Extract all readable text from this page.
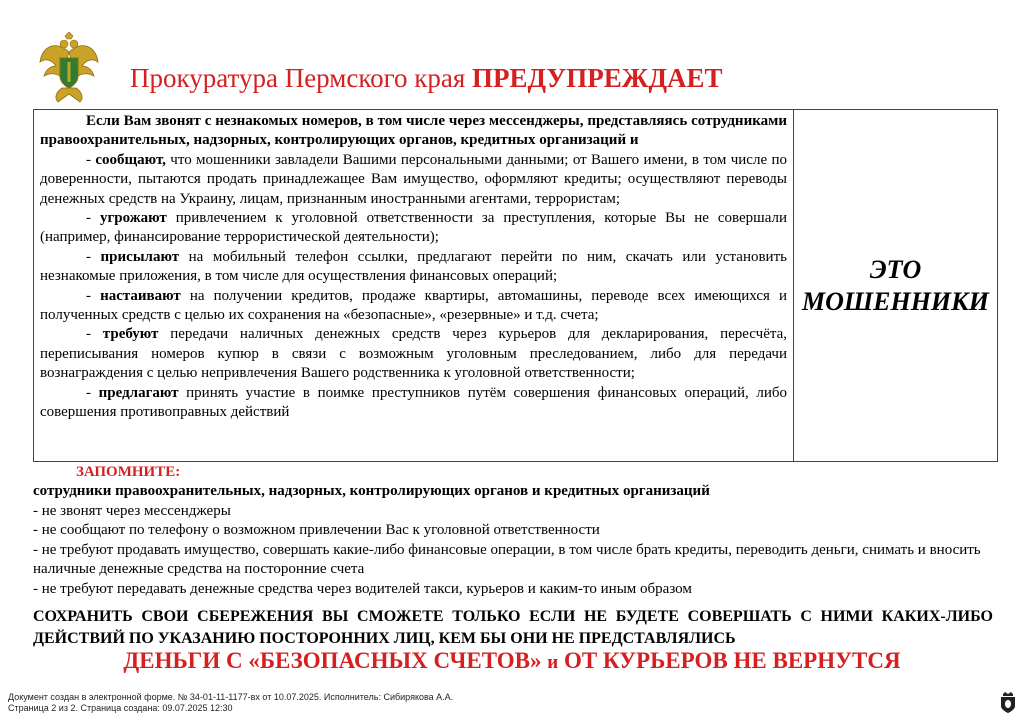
Прокуратура Пермского края ПРЕДУПРЕЖДАЕТ

Если Вам звонят с незнакомых номеров, в том числе через мессенджеры, представляясь сотрудниками правоохранительных, надзорных, контролирующих органов, кредитных организаций и

- сообщают, что мошенники завладели Вашими персональными данными; от Вашего имени, в том числе по доверенности, пытаются продать принадлежащее Вам имущество, оформляют кредиты; осуществляют переводы денежных средств на Украину, лицам, признанным иностранными агентами, террористам;

- угрожают привлечением к уголовной ответственности за преступления, которые Вы не совершали (например, финансирование террористической деятельности);

- присылают на мобильный телефон ссылки, предлагают перейти по ним, скачать или установить незнакомые приложения, в том числе для осуществления финансовых операций;

- настаивают на получении кредитов, продаже квартиры, автомашины, переводе всех имеющихся и полученных средств с целью их сохранения на «безопасные», «резервные» и т.д. счета;

- требуют передачи наличных денежных средств через курьеров для декларирования, пересчёта, переписывания номеров купюр в связи с возможным уголовным преследованием, либо для передачи вознаграждения с целью непривлечения Вашего родственника к уголовной ответственности;

- предлагают принять участие в поимке преступников путём совершения финансовых операций, либо совершения противоправных действий

ЭТО
МОШЕННИКИ
ЗАПОМНИТЕ:

сотрудники правоохранительных, надзорных, контролирующих органов и кредитных организаций

- не звонят через мессенджеры

- не сообщают по телефону о возможном привлечении Вас к уголовной ответственности

- не требуют продавать имущество, совершать какие-либо финансовые операции, в том числе брать кредиты, переводить деньги, снимать и вносить наличные денежные средства на посторонние счета

- не требуют передавать денежные средства через водителей такси, курьеров и каким-то иным образом

СОХРАНИТЬ СВОИ СБЕРЕЖЕНИЯ ВЫ СМОЖЕТЕ ТОЛЬКО ЕСЛИ НЕ БУДЕТЕ СОВЕРШАТЬ С НИМИ КАКИХ-ЛИБО ДЕЙСТВИЙ ПО УКАЗАНИЮ ПОСТОРОННИХ ЛИЦ, КЕМ БЫ ОНИ НЕ ПРЕДСТАВЛЯЛИСЬ
ДЕНЬГИ С «БЕЗОПАСНЫХ СЧЕТОВ» и ОТ КУРЬЕРОВ НЕ ВЕРНУТСЯ

Документ создан в электронной форме. № 34-01-11-1177-вх от 10.07.2025. Исполнитель: Сибирякова А.А.

Страница 2 из 2. Страница создана: 09.07.2025 12:30
